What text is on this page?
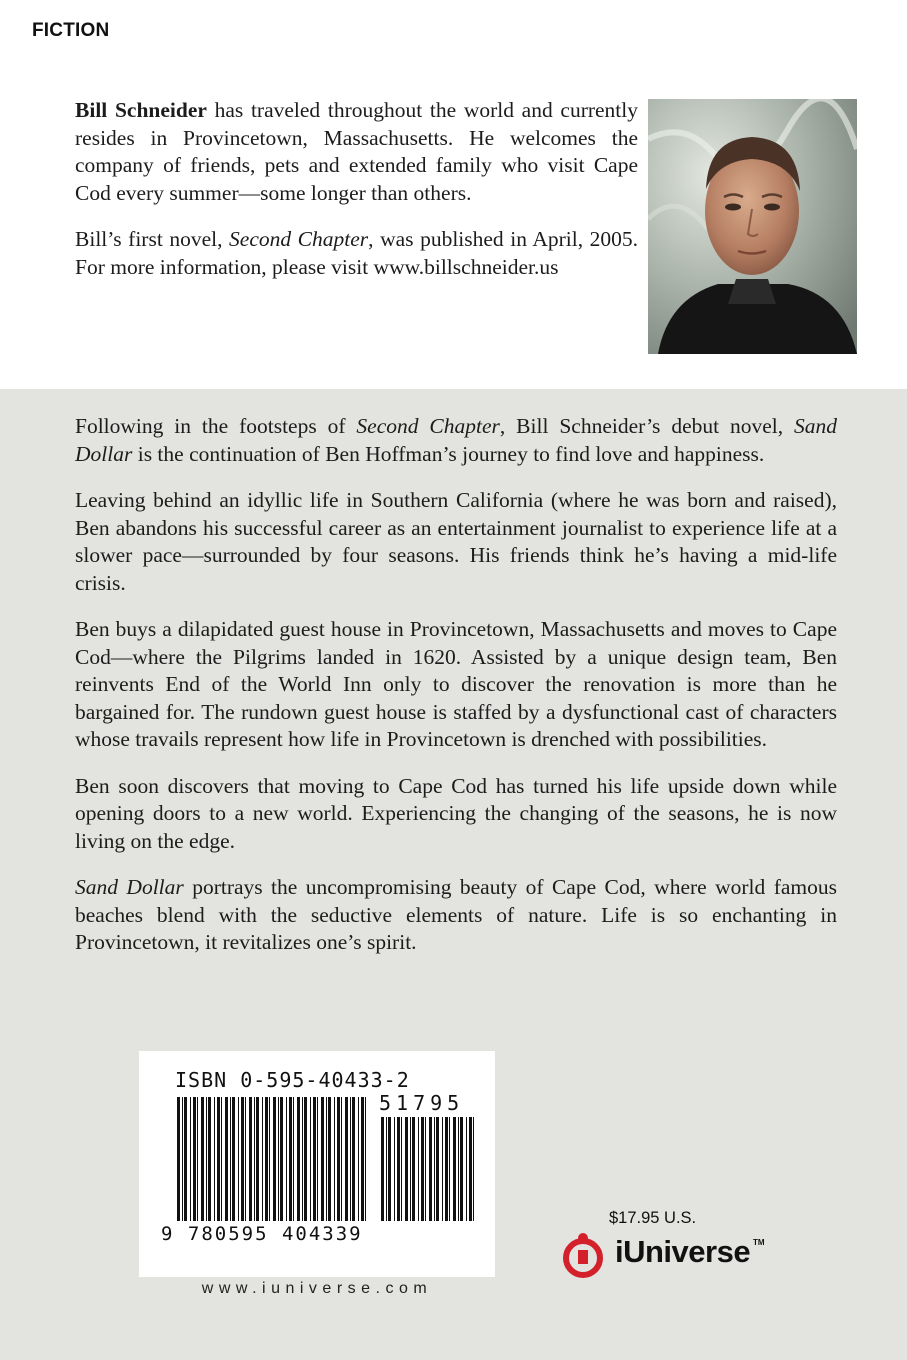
FICTION

Bill Schneider has traveled throughout the world and currently resides in Provincetown, Massachusetts. He welcomes the company of friends, pets and extended family who visit Cape Cod every summer—some longer than others.

Bill’s first novel, Second Chapter, was published in April, 2005. For more information, please visit www.billschneider.us

Following in the footsteps of Second Chapter, Bill Schneider’s debut novel, Sand Dollar is the continuation of Ben Hoffman’s journey to find love and happiness.

Leaving behind an idyllic life in Southern California (where he was born and raised), Ben abandons his successful career as an entertainment journalist to experience life at a slower pace—surrounded by four seasons. His friends think he’s having a mid-life crisis.

Ben buys a dilapidated guest house in Provincetown, Massachusetts and moves to Cape Cod—where the Pilgrims landed in 1620. Assisted by a unique design team, Ben reinvents End of the World Inn only to discover the renovation is more than he bargained for. The rundown guest house is staffed by a dysfunctional cast of characters whose travails represent how life in Provincetown is drenched with possibilities.

Ben soon discovers that moving to Cape Cod has turned his life upside down while opening doors to a new world. Experiencing the changing of the seasons, he is now living on the edge.

Sand Dollar portrays the uncompromising beauty of Cape Cod, where world famous beaches blend with the seductive elements of nature. Life is so enchanting in Provincetown, it revitalizes one’s spirit.

ISBN 0-595-40433-2
51795
9 780595 404339
www.iuniverse.com
$17.95 U.S.
iUniverse TM
